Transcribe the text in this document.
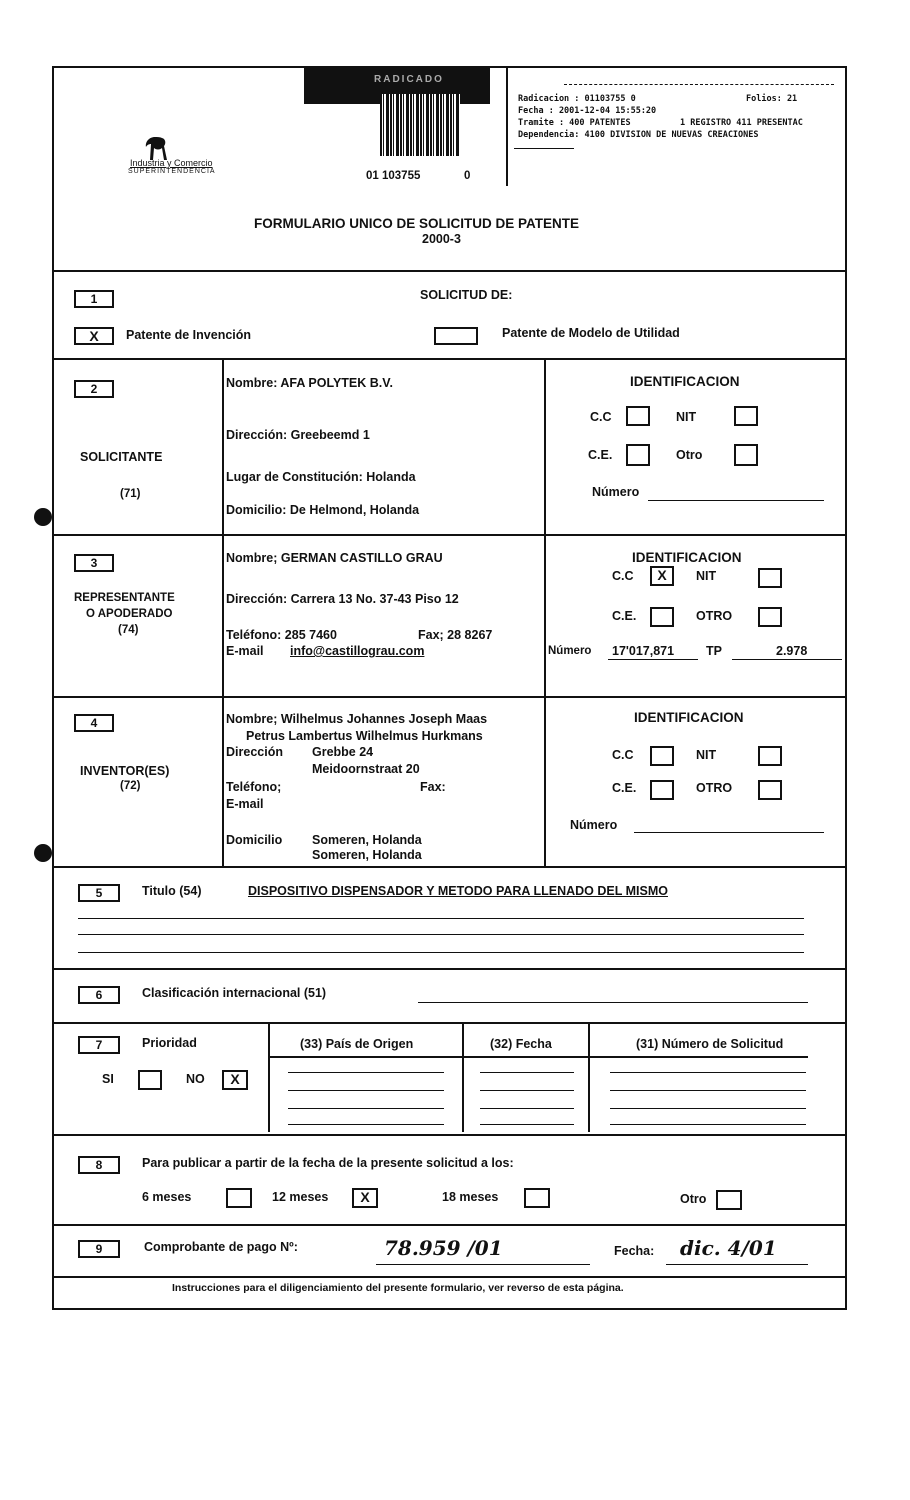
Industria y Comercio
SUPERINTENDENCIA
RADICADO
01 103755	0
Radicacion : 01103755 0	Folios: 21
Fecha : 2001-12-04 15:55:20
Tramite : 400 PATENTES	1 REGISTRO 411 PRESENTAC
Dependencia: 4100 DIVISION DE NUEVAS CREACIONES
FORMULARIO UNICO DE SOLICITUD DE PATENTE
2000-3
1	SOLICITUD DE:
X	Patente de Invención	Patente de Modelo de Utilidad
2
SOLICITANTE
(71)
Nombre: AFA POLYTEK B.V.
Dirección: Greebeemd 1
Lugar de Constitución: Holanda
Domicilio: De Helmond, Holanda
IDENTIFICACION
C.C	NIT
C.E.	Otro
Número
3
REPRESENTANTE
O APODERADO
(74)
Nombre; GERMAN CASTILLO GRAU
Dirección: Carrera 13 No. 37-43 Piso 12
Teléfono: 285 7460	Fax; 28 8267
E-mail info@castillograu.com
IDENTIFICACION
C.C	X	NIT
C.E.	OTRO
Número 17'017,871	TP	2.978
4
INVENTOR(ES)
(72)
Nombre; Wilhelmus Johannes Joseph Maas
Petrus Lambertus Wilhelmus Hurkmans
Dirección Grebbe 24
Meidoornstraat 20
Teléfono;	Fax:
E-mail
Domicilio Someren, Holanda
Someren, Holanda
IDENTIFICACION
C.C	NIT
C.E.	OTRO
Número
5	Titulo (54)	DISPOSITIVO DISPENSADOR Y METODO PARA LLENADO DEL MISMO
6	Clasificación internacional (51)
7	Prioridad
SI	NO	X
(33) País de Origen	(32) Fecha	(31) Número de Solicitud
8	Para publicar a partir de la fecha de la presente solicitud a los:
6 meses	12 meses	X	18 meses	Otro
9	Comprobante de pago Nº:	78.959 /01	Fecha: dic. 4/01
Instrucciones para el diligenciamiento del presente formulario, ver reverso de esta página.
